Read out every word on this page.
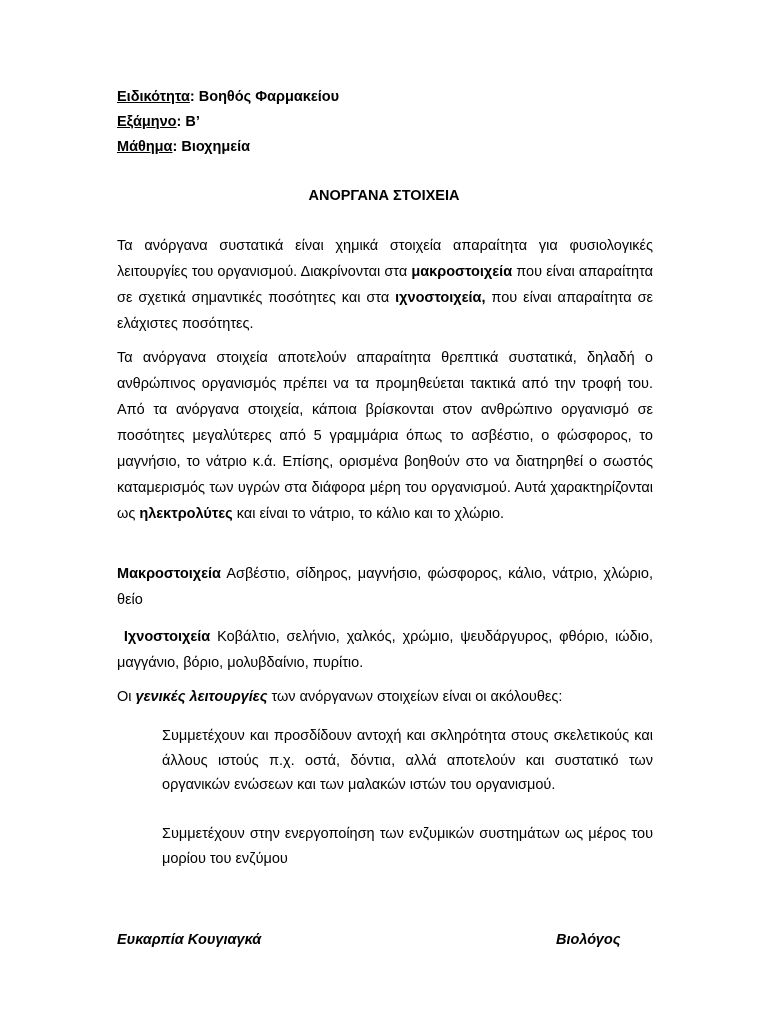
Ειδικότητα: Βοηθός Φαρμακείου
Εξάμηνο: Β’
Μάθημα: Βιοχημεία
ΑΝΟΡΓΑΝΑ ΣΤΟΙΧΕΙΑ
Τα ανόργανα συστατικά είναι χημικά στοιχεία απαραίτητα για φυσιολογικές λειτουργίες του οργανισμού. Διακρίνονται στα μακροστοιχεία που είναι απαραίτητα σε σχετικά σημαντικές ποσότητες και στα ιχνοστοιχεία, που είναι απαραίτητα σε ελάχιστες ποσότητες.
Τα ανόργανα στοιχεία αποτελούν απαραίτητα θρεπτικά συστατικά, δηλαδή ο ανθρώπινος οργανισμός πρέπει να τα προμηθεύεται τακτικά από την τροφή του. Από τα ανόργανα στοιχεία, κάποια βρίσκονται στον ανθρώπινο οργανισμό σε ποσότητες μεγαλύτερες από 5 γραμμάρια όπως το ασβέστιο, ο φώσφορος, το μαγνήσιο, το νάτριο κ.ά. Επίσης, ορισμένα βοηθούν στο να διατηρηθεί ο σωστός καταμερισμός των υγρών στα διάφορα μέρη του οργανισμού. Αυτά χαρακτηρίζονται ως ηλεκτρολύτες και είναι το νάτριο, το κάλιο και το χλώριο.
Μακροστοιχεία Ασβέστιο, σίδηρος, μαγνήσιο, φώσφορος, κάλιο, νάτριο, χλώριο, θείο
Ιχνοστοιχεία Κοβάλτιο, σελήνιο, χαλκός, χρώμιο, ψευδάργυρος, φθόριο, ιώδιο, μαγγάνιο, βόριο, μολυβδαίνιο, πυρίτιο.
Οι γενικές λειτουργίες των ανόργανων στοιχείων είναι οι ακόλουθες:
Συμμετέχουν και προσδίδουν αντοχή και σκληρότητα στους σκελετικούς και άλλους ιστούς π.χ. οστά, δόντια, αλλά αποτελούν και συστατικό των οργανικών ενώσεων και των μαλακών ιστών του οργανισμού.
Συμμετέχουν στην ενεργοποίηση των ενζυμικών συστημάτων ως μέρος του μορίου του ενζύμου
Ευκαρπία Κουγιαγκά	Βιολόγος
